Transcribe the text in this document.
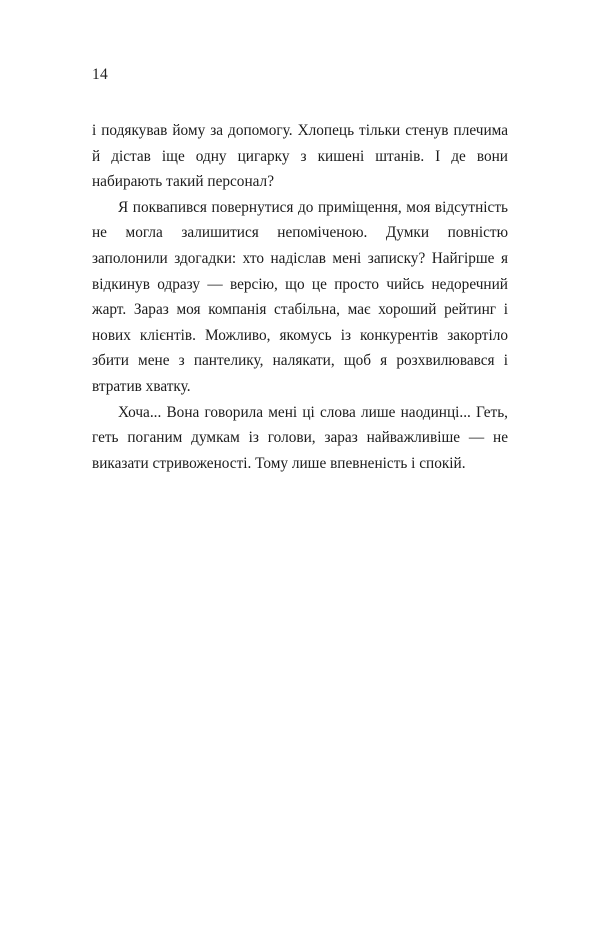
14

і подякував йому за допомогу. Хлопець тільки стенув плечима й дістав іще одну цигарку з кишені штанів. І де вони набирають такий персонал?

Я поквапився повернутися до приміщення, моя відсутність не могла залишитися непоміченою. Думки повністю заполонили здогадки: хто надіслав мені записку? Найгірше я відкинув одразу — версію, що це просто чийсь недоречний жарт. Зараз моя компанія стабільна, має хороший рейтинг і нових клієнтів. Можливо, якомусь із конкурентів закортіло збити мене з пантелику, налякати, щоб я розхвилювався і втратив хватку.

Хоча... Вона говорила мені ці слова лише наодинці... Геть, геть поганим думкам із голови, зараз найважливіше — не виказати стривоженості. Тому лише впевненість і спокій.
